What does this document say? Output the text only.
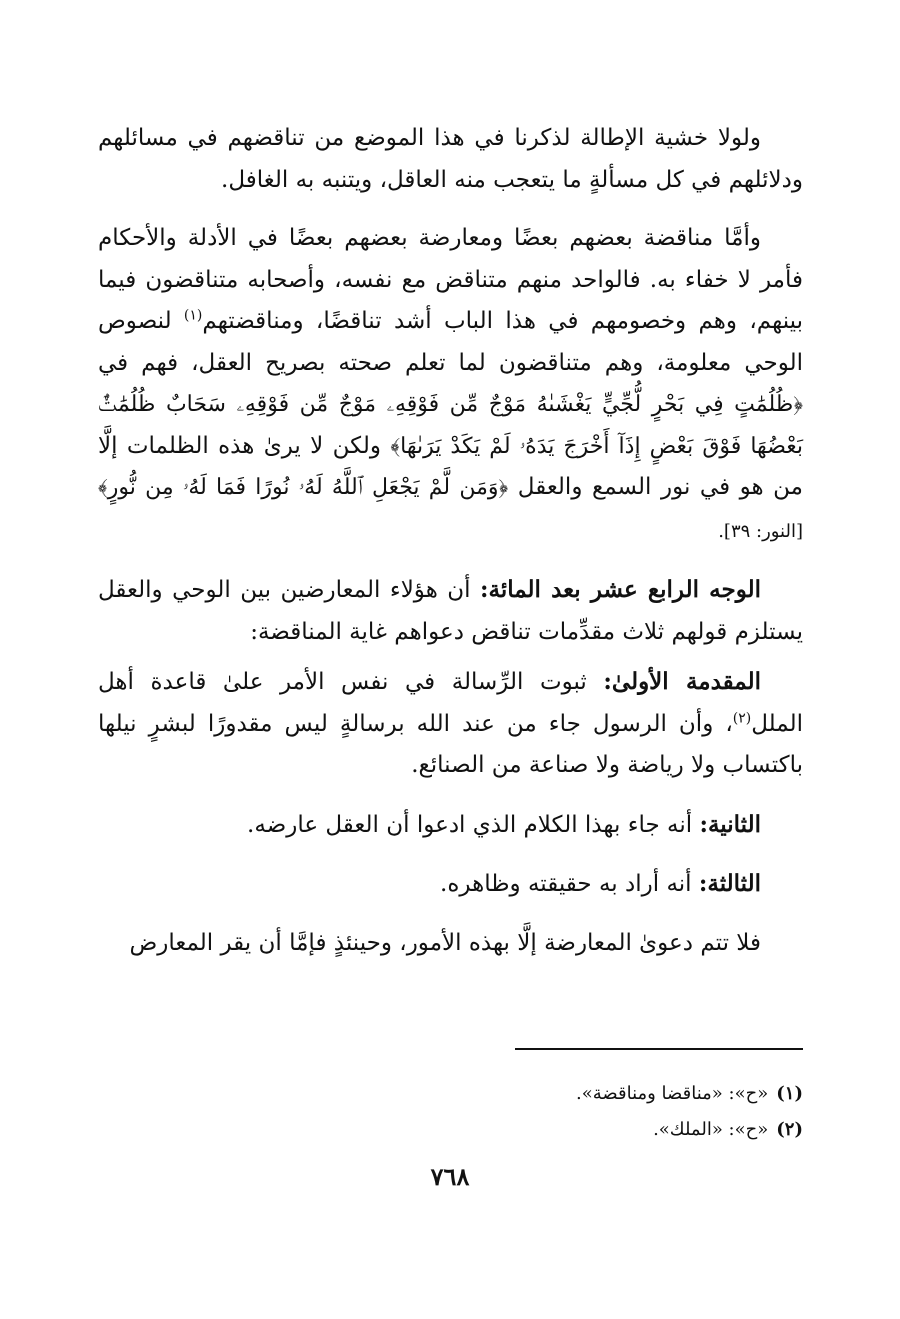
ولولا خشية الإطالة لذكرنا في هذا الموضع من تناقضهم في مسائلهم ودلائلهم في كل مسألةٍ ما يتعجب منه العاقل، ويتنبه به الغافل.

وأمَّا مناقضة بعضهم بعضًا ومعارضة بعضهم بعضًا في الأدلة والأحكام فأمر لا خفاء به. فالواحد منهم متناقض مع نفسه، وأصحابه متناقضون فيما بينهم، وهم وخصومهم في هذا الباب أشد تناقضًا، ومناقضتهم$^{(١)}$ لنصوص الوحي معلومة، وهم متناقضون لما تعلم صحته بصريح العقل، فهم في ﴿ظُلُمَٰتٍ فِي بَحْرٍ لُّجِّيٍّ يَغْشَىٰهُ مَوْجٌ مِّن فَوْقِهِۦ مَوْجٌ مِّن فَوْقِهِۦ سَحَابٌ ظُلُمَٰتٌۢ بَعْضُهَا فَوْقَ بَعْضٍ إِذَآ أَخْرَجَ يَدَهُۥ لَمْ يَكَدْ يَرَىٰهَا﴾ ولكن لا يرىٰ هذه الظلمات إلَّا من هو في نور السمع والعقل ﴿وَمَن لَّمْ يَجْعَلِ ٱللَّهُ لَهُۥ نُورًا فَمَا لَهُۥ مِن نُّورٍ﴾ [النور: ٣٩].

الوجه الرابع عشر بعد المائة: أن هؤلاء المعارضين بين الوحي والعقل يستلزم قولهم ثلاث مقدِّمات تناقض دعواهم غاية المناقضة:

المقدمة الأولىٰ: ثبوت الرِّسالة في نفس الأمر علىٰ قاعدة أهل الملل$^{(٢)}$، وأن الرسول جاء من عند الله برسالةٍ ليس مقدورًا لبشرٍ نيلها باكتساب ولا رياضة ولا صناعة من الصنائع.

الثانية: أنه جاء بهذا الكلام الذي ادعوا أن العقل عارضه.

الثالثة: أنه أراد به حقيقته وظاهره.

فلا تتم دعوىٰ المعارضة إلَّا بهذه الأمور، وحينئذٍ فإمَّا أن يقر المعارض

(١)«ح»: «مناقضا ومناقضة».
(٢)«ح»: «الملك».
٧٦٨
